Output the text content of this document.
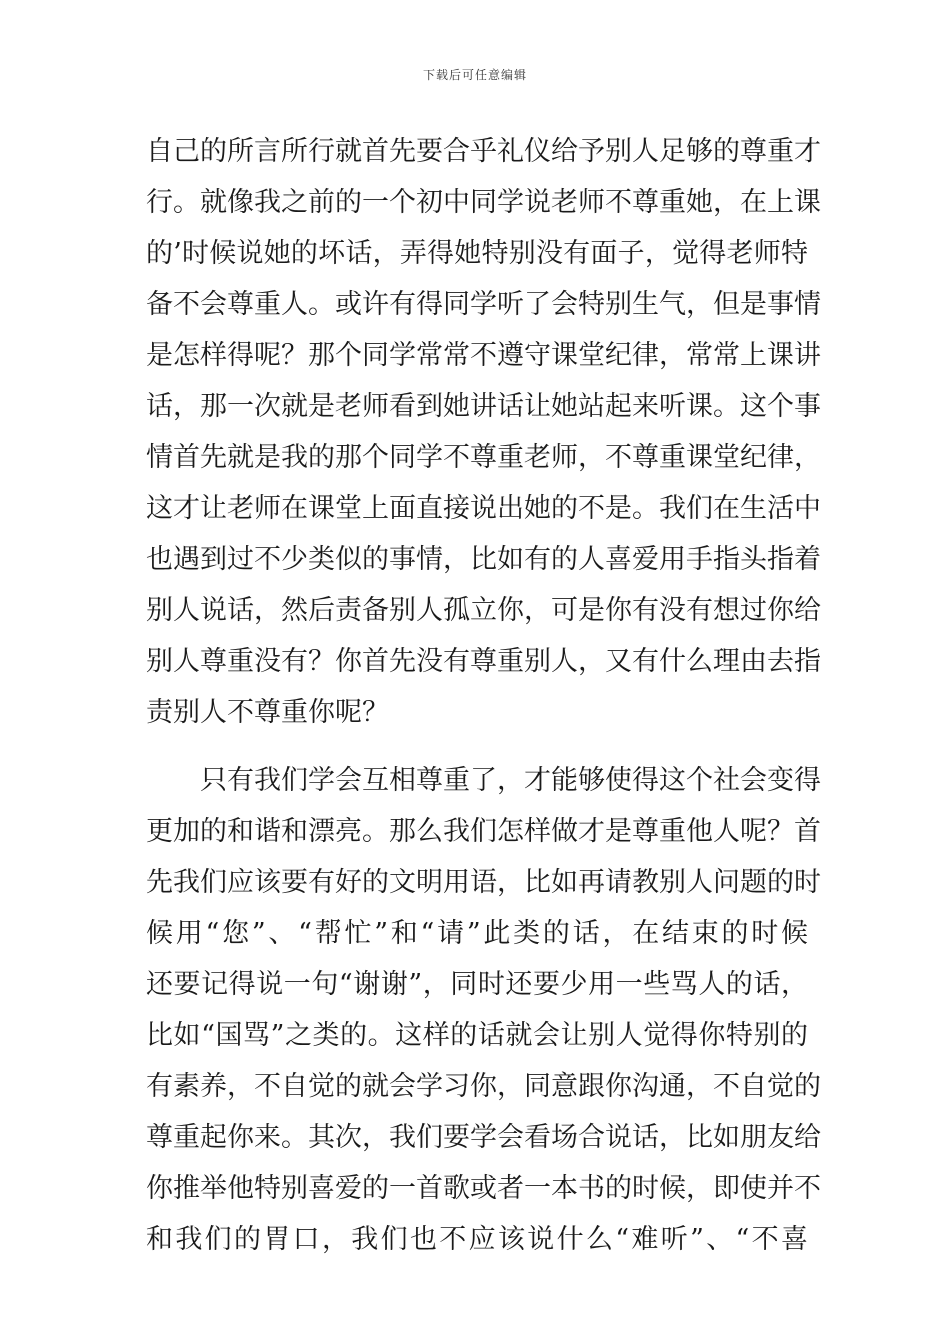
下载后可任意编辑
自己的所言所行就首先要合乎礼仪给予别人足够的尊重才
行。就像我之前的一个初中同学说老师不尊重她，在上课
的’时候说她的坏话，弄得她特别没有面子，觉得老师特
备不会尊重人。或许有得同学听了会特别生气，但是事情
是怎样得呢？那个同学常常不遵守课堂纪律，常常上课讲
话，那一次就是老师看到她讲话让她站起来听课。这个事
情首先就是我的那个同学不尊重老师，不尊重课堂纪律，
这才让老师在课堂上面直接说出她的不是。我们在生活中
也遇到过不少类似的事情，比如有的人喜爱用手指头指着
别人说话，然后责备别人孤立你，可是你有没有想过你给
别人尊重没有？你首先没有尊重别人，又有什么理由去指
责别人不尊重你呢？
只有我们学会互相尊重了，才能够使得这个社会变得
更加的和谐和漂亮。那么我们怎样做才是尊重他人呢？首
先我们应该要有好的文明用语，比如再请教别人问题的时
候用“您”、“帮忙”和“请”此类的话，在结束的时候
还要记得说一句“谢谢”，同时还要少用一些骂人的话，
比如“国骂”之类的。这样的话就会让别人觉得你特别的
有素养，不自觉的就会学习你，同意跟你沟通，不自觉的
尊重起你来。其次，我们要学会看场合说话，比如朋友给
你推举他特别喜爱的一首歌或者一本书的时候，即使并不
和我们的胃口，我们也不应该说什么“难听”、“不喜
